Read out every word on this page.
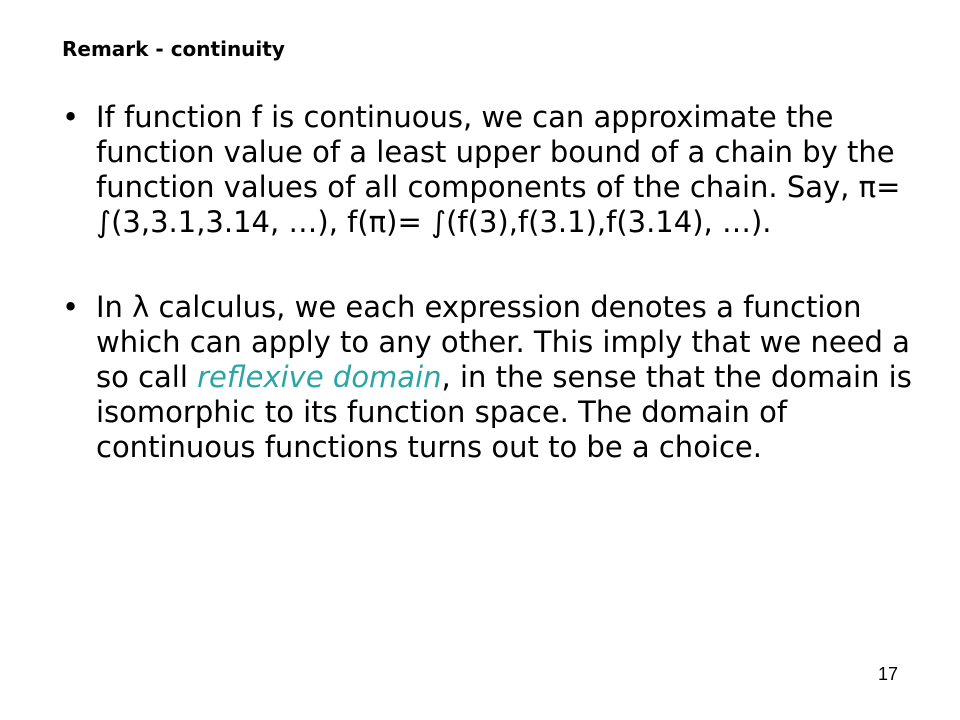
Remark - continuity
• If function f is continuous, we can approximate the function value of a least upper bound of a chain by the function values of all components of the chain. Say, π= ∫(3,3.1,3.14, …), f(π)= ∫(f(3),f(3.1),f(3.14), …).
• In λ calculus, we each expression denotes a function which can apply to any other. This imply that we need a so call reflexive domain, in the sense that the domain is isomorphic to its function space. The domain of continuous functions turns out to be a choice.
17
